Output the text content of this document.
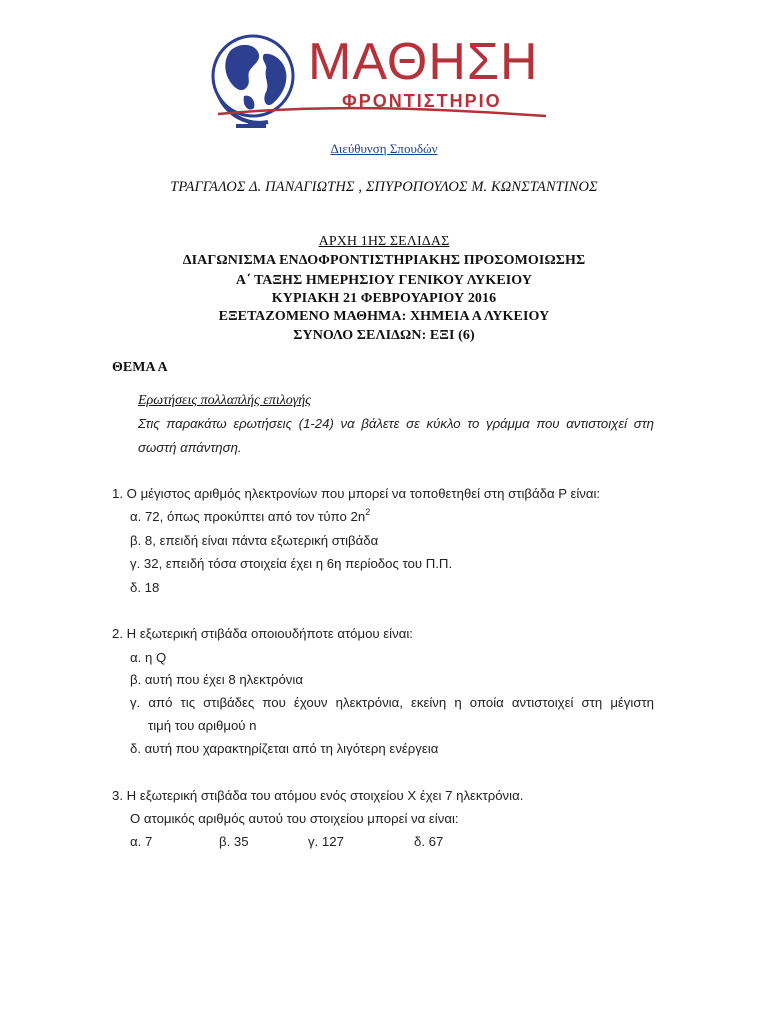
ΜΑΘΗΣΗ
ΦΡΟΝΤΙΣΤΗΡΙΟ
Διεύθυνση Σπουδών
ΤΡΑΓΓΑΛΟΣ Δ. ΠΑΝΑΓΙΩΤΗΣ , ΣΠΥΡΟΠΟΥΛΟΣ Μ. ΚΩΝΣΤΑΝΤΙΝΟΣ
ΑΡΧΗ 1ΗΣ ΣΕΛΙΔΑΣ
ΔΙΑΓΩΝΙΣΜΑ ΕΝΔΟΦΡΟΝΤΙΣΤΗΡΙΑΚΗΣ ΠΡΟΣΟΜΟΙΩΣΗΣ
Α΄ ΤΑΞΗΣ ΗΜΕΡΗΣΙΟΥ ΓΕΝΙΚΟΥ ΛΥΚΕΙΟΥ
ΚΥΡΙΑΚΗ 21 ΦΕΒΡΟΥΑΡΙΟΥ 2016
ΕΞΕΤΑΖΟΜΕΝΟ ΜΑΘΗΜΑ: ΧΗΜΕΙΑ Α ΛΥΚΕΙΟΥ
ΣΥΝΟΛΟ ΣΕΛΙΔΩΝ: ΕΞΙ (6)
ΘΕΜΑ Α
Ερωτήσεις πολλαπλής επιλογής
Στις παρακάτω ερωτήσεις (1-24) να βάλετε σε κύκλο το γράμμα που αντιστοιχεί στη
σωστή απάντηση.
1. Ο μέγιστος αριθμός ηλεκτρονίων που μπορεί να τοποθετηθεί στη στιβάδα P είναι:
α. 72, όπως προκύπτει από τον τύπο $2n^2$
β. 8, επειδή είναι πάντα εξωτερική στιβάδα
γ. 32, επειδή τόσα στοιχεία έχει η 6η περίοδος του Π.Π.
δ. 18
2. Η εξωτερική στιβάδα οποιουδήποτε ατόμου είναι:
α. η Q
β. αυτή που έχει 8 ηλεκτρόνια
γ. από τις στιβάδες που έχουν ηλεκτρόνια, εκείνη η οποία αντιστοιχεί στη μέγιστη
τιμή του αριθμού n
δ. αυτή που χαρακτηρίζεται από τη λιγότερη ενέργεια
3. Η εξωτερική στιβάδα του ατόμου ενός στοιχείου Χ έχει 7 ηλεκτρόνια.
Ο ατομικός αριθμός αυτού του στοιχείου μπορεί να είναι:
α. 7	β. 35	γ. 127	δ. 67
